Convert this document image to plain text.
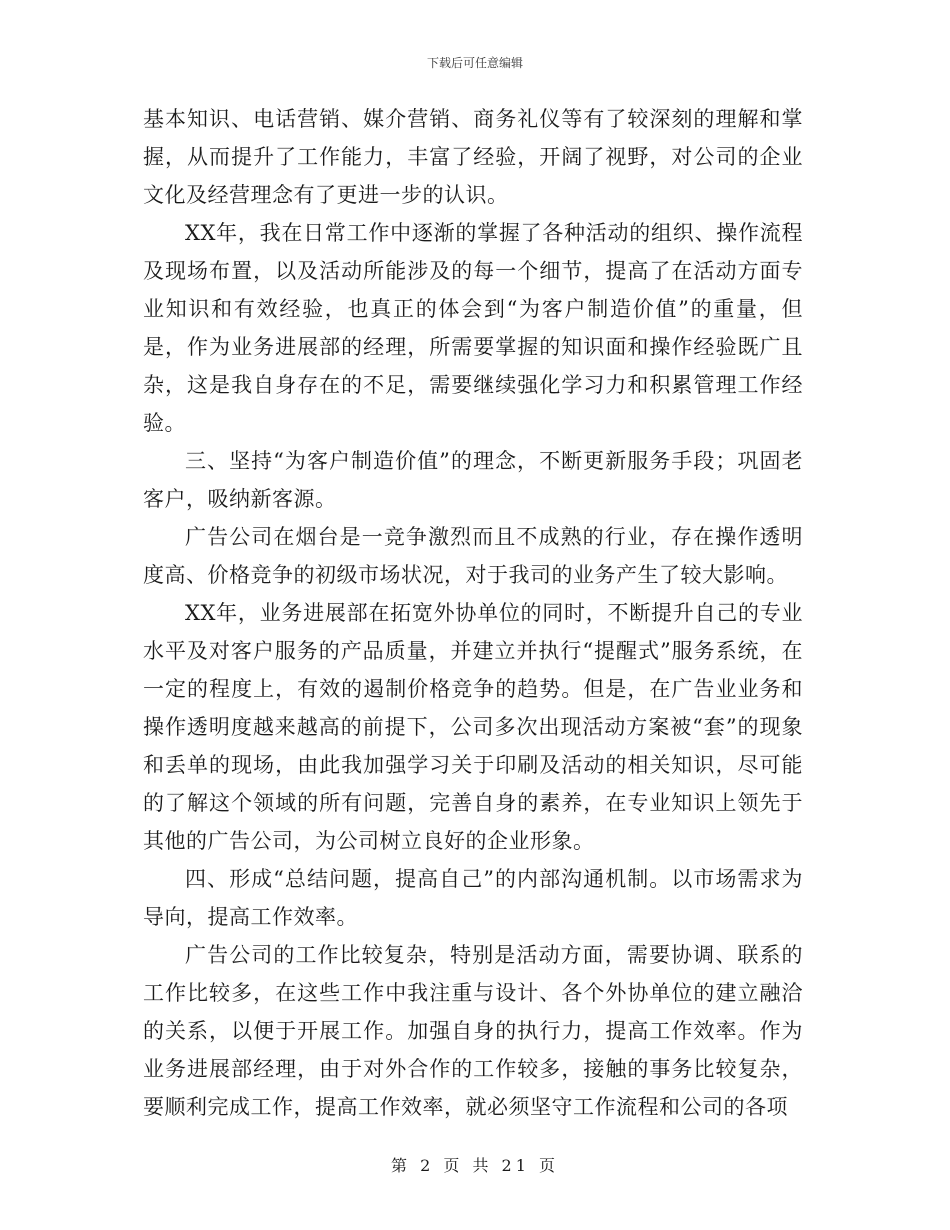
下载后可任意编辑

基本知识、电话营销、媒介营销、商务礼仪等有了较深刻的理解和掌握，从而提升了工作能力，丰富了经验，开阔了视野，对公司的企业文化及经营理念有了更进一步的认识。

XX年，我在日常工作中逐渐的掌握了各种活动的组织、操作流程及现场布置，以及活动所能涉及的每一个细节，提高了在活动方面专业知识和有效经验，也真正的体会到“为客户制造价值”的重量，但是，作为业务进展部的经理，所需要掌握的知识面和操作经验既广且杂，这是我自身存在的不足，需要继续强化学习力和积累管理工作经验。

三、坚持“为客户制造价值”的理念，不断更新服务手段；巩固老客户，吸纳新客源。

广告公司在烟台是一竞争激烈而且不成熟的行业，存在操作透明度高、价格竞争的初级市场状况，对于我司的业务产生了较大影响。

XX年，业务进展部在拓宽外协单位的同时，不断提升自己的专业水平及对客户服务的产品质量，并建立并执行“提醒式”服务系统，在一定的程度上，有效的遏制价格竞争的趋势。但是，在广告业业务和操作透明度越来越高的前提下，公司多次出现活动方案被“套”的现象和丢单的现场，由此我加强学习关于印刷及活动的相关知识，尽可能的了解这个领域的所有问题，完善自身的素养，在专业知识上领先于其他的广告公司，为公司树立良好的企业形象。

四、形成“总结问题，提高自己”的内部沟通机制。以市场需求为导向，提高工作效率。

广告公司的工作比较复杂，特别是活动方面，需要协调、联系的工作比较多，在这些工作中我注重与设计、各个外协单位的建立融洽的关系，以便于开展工作。加强自身的执行力，提高工作效率。作为业务进展部经理，由于对外合作的工作较多，接触的事务比较复杂，要顺利完成工作，提高工作效率，就必须坚守工作流程和公司的各项

第 2 页 共 21 页
